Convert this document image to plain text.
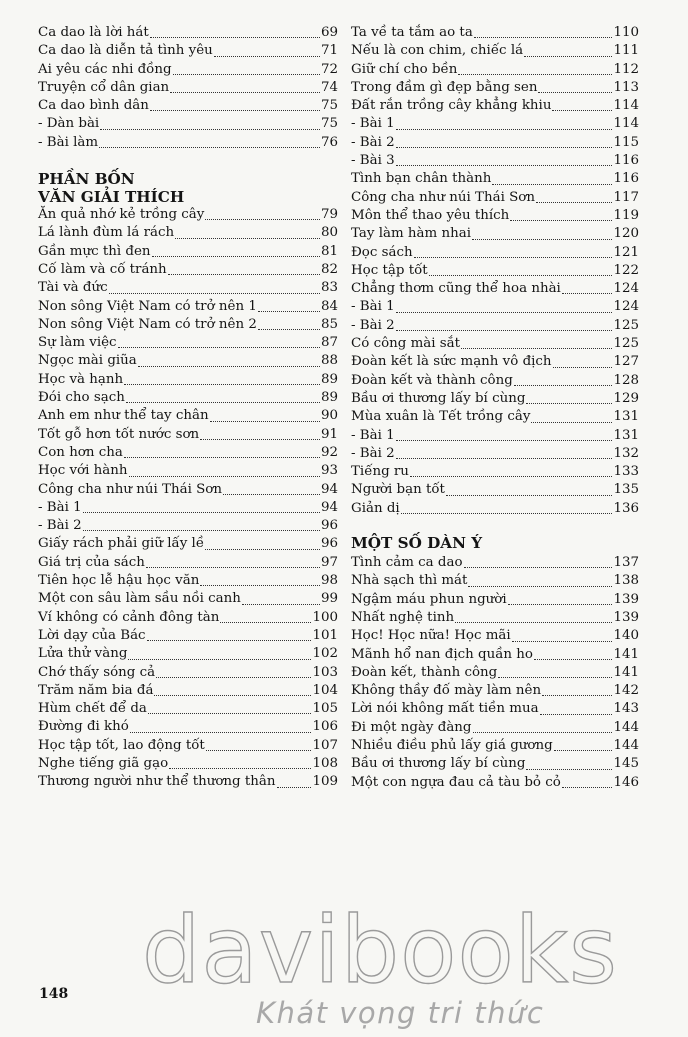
Ca dao là lời hát	69
Ca dao là diễn tả tình yêu	71
Ai yêu các nhi đồng	72
Truyện cổ dân gian	74
Ca dao bình dân	75
- Dàn bài	75
- Bài làm	76
PHẦN BỐN
VĂN GIẢI THÍCH
Ăn quả nhớ kẻ trồng cây	79
Lá lành đùm lá rách	80
Gần mực thì đen	81
Cố làm và cố tránh	82
Tài và đức	83
Non sông Việt Nam có trở nên 1	84
Non sông Việt Nam có trở nên 2	85
Sự làm việc	87
Ngọc mài giũa	88
Học và hạnh	89
Đói cho sạch	89
Anh em như thể tay chân	90
Tốt gỗ hơn tốt nước sơn	91
Con hơn cha	92
Học với hành	93
Công cha như núi Thái Sơn	94
- Bài 1	94
- Bài 2	96
Giấy rách phải giữ lấy lề	96
Giá trị của sách	97
Tiên học lễ hậu học văn	98
Một con sâu làm sầu nồi canh	99
Ví không có cảnh đông tàn	100
Lời dạy của Bác	101
Lửa thử vàng	102
Chớ thấy sóng cả	103
Trăm năm bia đá	104
Hùm chết để da	105
Đường đi khó	106
Học tập tốt, lao động tốt	107
Nghe tiếng giã gạo	108
Thương người như thể thương thân	109
Ta về ta tắm ao ta	110
Nếu là con chim, chiếc lá	111
Giữ chí cho bền	112
Trong đầm gì đẹp bằng sen	113
Đất rắn trồng cây khẳng khiu	114
- Bài 1	114
- Bài 2	115
- Bài 3	116
Tình bạn chân thành	116
Công cha như núi Thái Sơn	117
Môn thể thao yêu thích	119
Tay làm hàm nhai	120
Đọc sách	121
Học tập tốt	122
Chẳng thơm cũng thể hoa nhài	124
- Bài 1	124
- Bài 2	125
Có công mài sắt	125
Đoàn kết là sức mạnh vô địch	127
Đoàn kết và thành công	128
Bầu ơi thương lấy bí cùng	129
Mùa xuân là Tết trồng cây	131
- Bài 1	131
- Bài 2	132
Tiếng ru	133
Người bạn tốt	135
Giản dị	136
MỘT SỐ DÀN Ý
Tình cảm ca dao	137
Nhà sạch thì mát	138
Ngậm máu phun người	139
Nhất nghệ tinh	139
Học! Học nữa! Học mãi	140
Mãnh hổ nan địch quần ho	141
Đoàn kết, thành công	141
Không thầy đố mày làm nên	142
Lời nói không mất tiền mua	143
Đi một ngày đàng	144
Nhiều điều phủ lấy giá gương	144
Bầu ơi thương lấy bí cùng	145
Một con ngựa đau cả tàu bỏ cỏ	146
148 davibooks
Khát vọng tri thức
